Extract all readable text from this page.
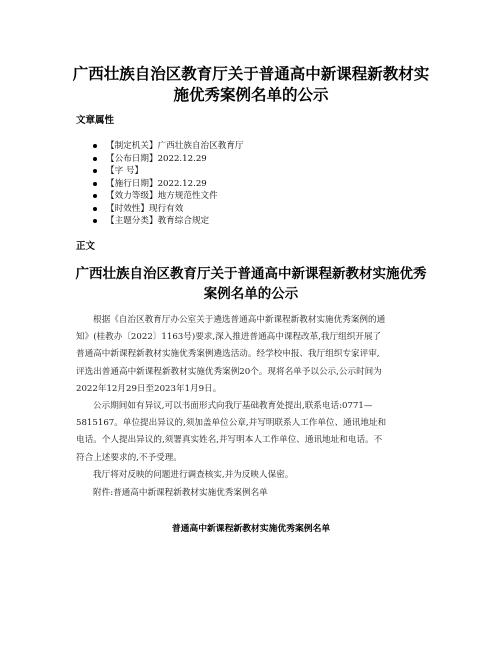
广西壮族自治区教育厅关于普通高中新课程新教材实
施优秀案例名单的公示
文章属性
【制定机关】广西壮族自治区教育厅
【公布日期】2022.12.29
【字 号】
【施行日期】2022.12.29
【效力等级】地方规范性文件
【时效性】现行有效
【主题分类】教育综合规定
正文
广西壮族自治区教育厅关于普通高中新课程新教材实施优秀
案例名单的公示
根据《自治区教育厅办公室关于遴选普通高中新课程新教材实施优秀案例的通
知》(桂教办〔2022〕1163号)要求,深入推进普通高中课程改革,我厅组织开展了
普通高中新课程新教材实施优秀案例遴选活动。经学校申报、我厅组织专家评审,
评选出普通高中新课程新教材实施优秀案例20个。现将名单予以公示,公示时间为
2022年12月29日至2023年1月9日。
公示期间如有异议,可以书面形式向我厅基础教育处提出,联系电话:0771—
5815167。单位提出异议的,须加盖单位公章,并写明联系人工作单位、通讯地址和
电话。个人提出异议的,须署真实姓名,并写明本人工作单位、通讯地址和电话。不
符合上述要求的,不予受理。
我厅将对反映的问题进行调查核实,并为反映人保密。
附件:普通高中新课程新教材实施优秀案例名单
普通高中新课程新教材实施优秀案例名单
